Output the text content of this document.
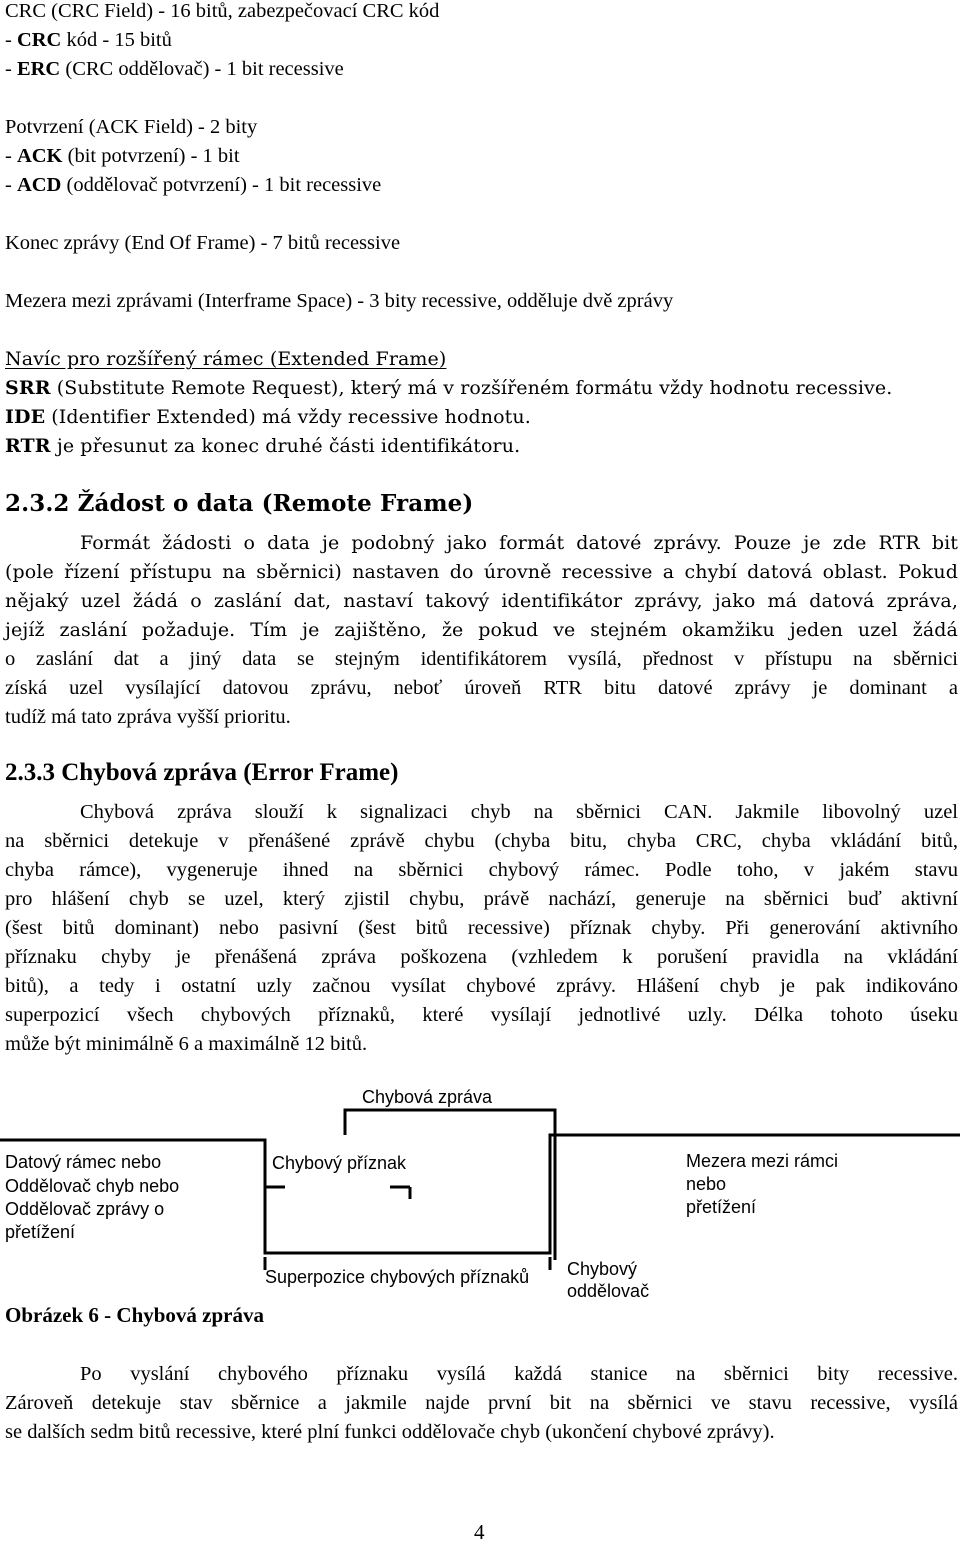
CRC (CRC Field) - 16 bitů, zabezpečovací CRC kód
- CRC kód - 15 bitů
- ERC (CRC oddělovač) - 1 bit recessive
Potvrzení (ACK Field) - 2 bity
- ACK (bit potvrzení) - 1 bit
- ACD (oddělovač potvrzení) - 1 bit recessive
Konec zprávy (End Of Frame) - 7 bitů recessive
Mezera mezi zprávami (Interframe Space) - 3 bity recessive, odděluje dvě zprávy
Navíc pro rozšířený rámec (Extended Frame)
SRR (Substitute Remote Request), který má v rozšířeném formátu vždy hodnotu recessive.
IDE (Identifier Extended) má vždy recessive hodnotu.
RTR je přesunut za konec druhé části identifikátoru.
2.3.2 Žádost o data (Remote Frame)
Formát žádosti o data je podobný jako formát datové zprávy. Pouze je zde RTR bit
(pole řízení přístupu na sběrnici) nastaven do úrovně recessive a chybí datová oblast. Pokud
nějaký uzel žádá o zaslání dat, nastaví takový identifikátor zprávy, jako má datová zpráva,
jejíž zaslání požaduje. Tím je zajištěno, že pokud ve stejném okamžiku jeden uzel žádá
o zaslání dat a jiný data se stejným identifikátorem vysílá, přednost v přístupu na sběrnici
získá uzel vysílající datovou zprávu, neboť úroveň RTR bitu datové zprávy je dominant a
tudíž má tato zpráva vyšší prioritu.
2.3.3 Chybová zpráva (Error Frame)
Chybová zpráva slouží k signalizaci chyb na sběrnici CAN. Jakmile libovolný uzel
na sběrnici detekuje v přenášené zprávě chybu (chyba bitu, chyba CRC, chyba vkládání bitů,
chyba rámce), vygeneruje ihned na sběrnici chybový rámec. Podle toho, v jakém stavu
pro hlášení chyb se uzel, který zjistil chybu, právě nachází, generuje na sběrnici buď aktivní
(šest bitů dominant) nebo pasivní (šest bitů recessive) příznak chyby. Při generování aktivního
příznaku chyby je přenášená zpráva poškozena (vzhledem k porušení pravidla na vkládání
bitů), a tedy i ostatní uzly začnou vysílat chybové zprávy. Hlášení chyb je pak indikováno
superpozicí všech chybových příznaků, které vysílají jednotlivé uzly. Délka tohoto úseku
může být minimálně 6 a maximálně 12 bitů.
Chybová zpráva
Datový rámec nebo
Oddělovač chyb nebo
Oddělovač zprávy o
přetížení
Chybový příznak
Superpozice chybových příznaků Chybový
oddělovač
Mezera mezi rámci
nebo
přetížení
Obrázek 6 - Chybová zpráva
Po vyslání chybového příznaku vysílá každá stanice na sběrnici bity recessive.
Zároveň detekuje stav sběrnice a jakmile najde první bit na sběrnici ve stavu recessive, vysílá
se dalších sedm bitů recessive, které plní funkci oddělovače chyb (ukončení chybové zprávy).
4
